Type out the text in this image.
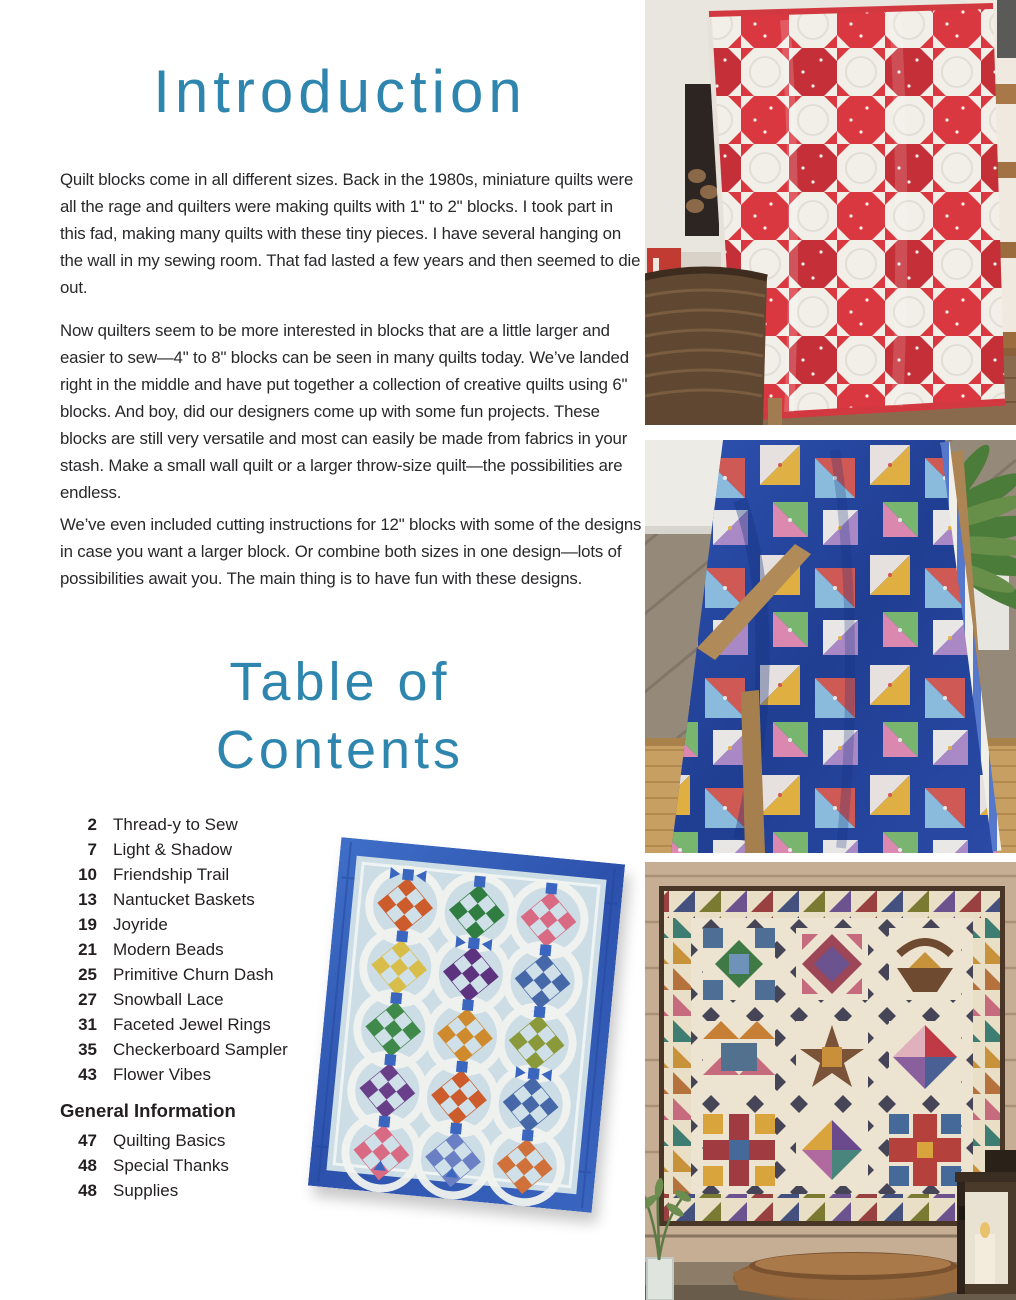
Introduction

Quilt blocks come in all different sizes. Back in the 1980s, miniature quilts were all the rage and quilters were making quilts with 1" to 2" blocks. I took part in this fad, making many quilts with these tiny pieces. I have several hanging on the wall in my sewing room. That fad lasted a few years and then seemed to die out.

Now quilters seem to be more interested in blocks that are a little larger and easier to sew—4" to 8" blocks can be seen in many quilts today. We’ve landed right in the middle and have put together a collection of creative quilts using 6" blocks. And boy, did our designers come up with some fun projects. These blocks are still very versatile and most can easily be made from fabrics in your stash. Make a small wall quilt or a larger throw-size quilt—the possibilities are endless.

We’ve even included cutting instructions for 12" blocks with some of the designs in case you want a larger block. Or combine both sizes in one design—lots of possibilities await you. The main thing is to have fun with these designs.

Table of
Contents
2 Thread-y to Sew
7 Light & Shadow
10 Friendship Trail
13 Nantucket Baskets
19 Joyride
21 Modern Beads
25 Primitive Churn Dash
27 Snowball Lace
31 Faceted Jewel Rings
35 Checkerboard Sampler
43 Flower Vibes
General Information
47 Quilting Basics
48 Special Thanks
48 Supplies
